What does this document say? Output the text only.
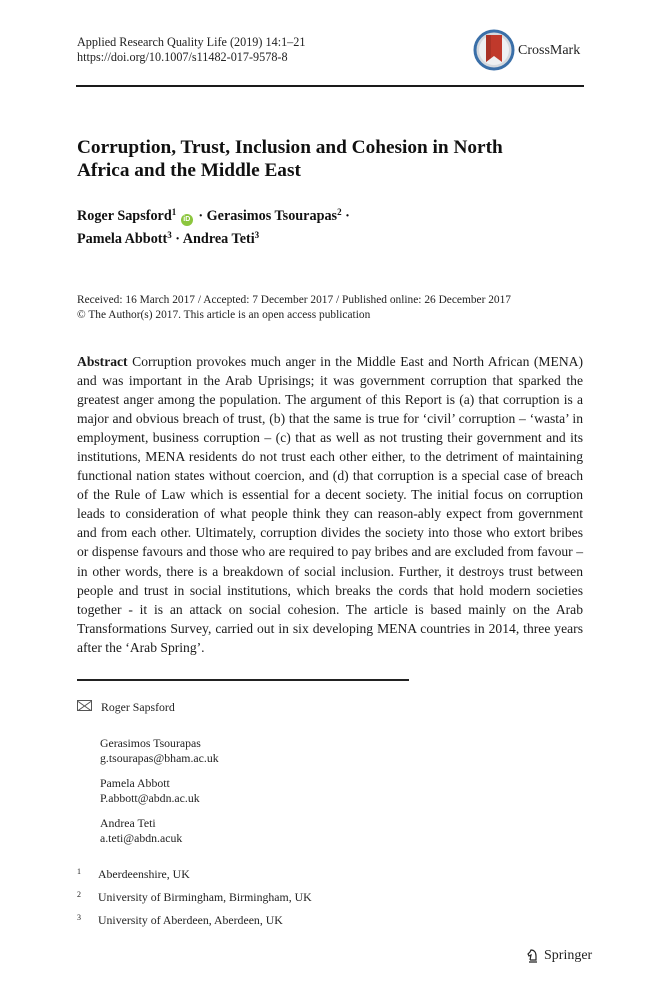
Applied Research Quality Life (2019) 14:1–21
https://doi.org/10.1007/s11482-017-9578-8	CrossMark
Corruption, Trust, Inclusion and Cohesion in North
Africa and the Middle East
Roger Sapsford$^1$ iD · Gerasimos Tsourapas$^2$ ·
Pamela Abbott$^3$ · Andrea Teti$^3$
Received: 16 March 2017 / Accepted: 7 December 2017 / Published online: 26 December 2017
© The Author(s) 2017. This article is an open access publication
Abstract Corruption provokes much anger in the Middle East and North African (MENA) and was important in the Arab Uprisings; it was government corruption that sparked the greatest anger among the population. The argument of this Report is (a) that corruption is a major and obvious breach of trust, (b) that the same is true for ‘civil’ corruption – ‘wasta’ in employment, business corruption – (c) that as well as not trusting their government and its institutions, MENA residents do not trust each other either, to the detriment of maintaining functional nation states without coercion, and (d) that corruption is a special case of breach of the Rule of Law which is essential for a decent society. The initial focus on corruption leads to consideration of what people think they can reason-ably expect from government and from each other. Ultimately, corruption divides the society into those who extort bribes or dispense favours and those who are required to pay bribes and are excluded from favour – in other words, there is a breakdown of social inclusion. Further, it destroys trust between people and trust in social institutions, which breaks the cords that hold modern societies together - it is an attack on social cohesion. The article is based mainly on the Arab Transformations Survey, carried out in six developing MENA countries in 2014, three years after the ‘Arab Spring’.
Roger Sapsford
Gerasimos Tsourapas
g.tsourapas@bham.ac.uk
Pamela Abbott
P.abbott@abdn.ac.uk
Andrea Teti
a.teti@abdn.acuk
1 Aberdeenshire, UK
2 University of Birmingham, Birmingham, UK
3 University of Aberdeen, Aberdeen, UK
Springer
